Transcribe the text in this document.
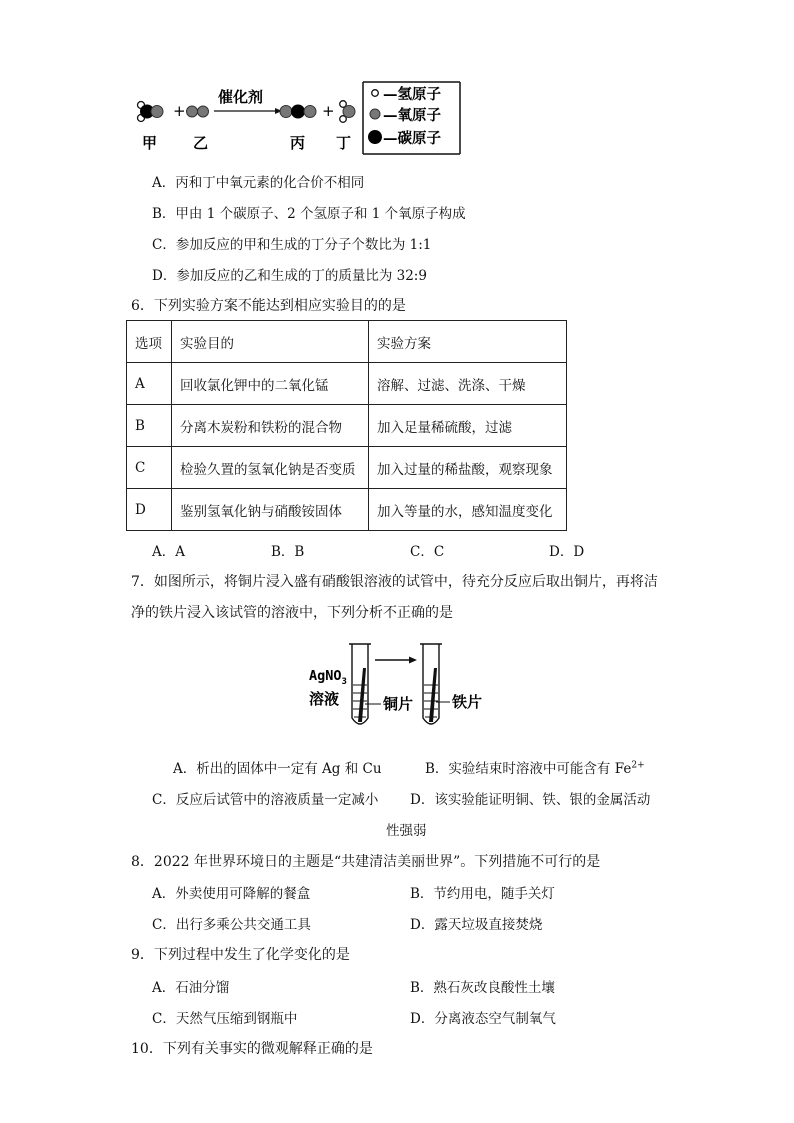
+
催化剂
+
甲 乙	丙 丁
—氢原子
—氧原子
—碳原子
A．丙和丁中氧元素的化合价不相同
B．甲由 1 个碳原子、2 个氢原子和 1 个氧原子构成
C．参加反应的甲和生成的丁分子个数比为 1:1
D．参加反应的乙和生成的丁的质量比为 32:9
6．下列实验方案不能达到相应实验目的的是
选项	实验目的	实验方案
A	回收氯化钾中的二氧化锰	溶解、过滤、洗涤、干燥
B	分离木炭粉和铁粉的混合物	加入足量稀硫酸，过滤
C	检验久置的氢氧化钠是否变质	加入过量的稀盐酸，观察现象
D	鉴别氢氧化钠与硝酸铵固体	加入等量的水，感知温度变化
A．A	B．B	C．C	D．D
7．如图所示，将铜片浸入盛有硝酸银溶液的试管中，待充分反应后取出铜片，再将洁
净的铁片浸入该试管的溶液中，下列分析不正确的是
AgNO$_3$
溶液	铜片	铁片
A．析出的固体中一定有 Ag 和 Cu	B．实验结束时溶液中可能含有 $Fe^{2+}$
C．反应后试管中的溶液质量一定减小 D．该实验能证明铜、铁、银的金属活动
性强弱
8．2022 年世界环境日的主题是“共建清洁美丽世界”。下列措施不可行的是
A．外卖使用可降解的餐盒	B．节约用电，随手关灯
C．出行多乘公共交通工具	D．露天垃圾直接焚烧
9．下列过程中发生了化学变化的是
A．石油分馏	B．熟石灰改良酸性土壤
C．天然气压缩到钢瓶中	D．分离液态空气制氧气
10．下列有关事实的微观解释正确的是
